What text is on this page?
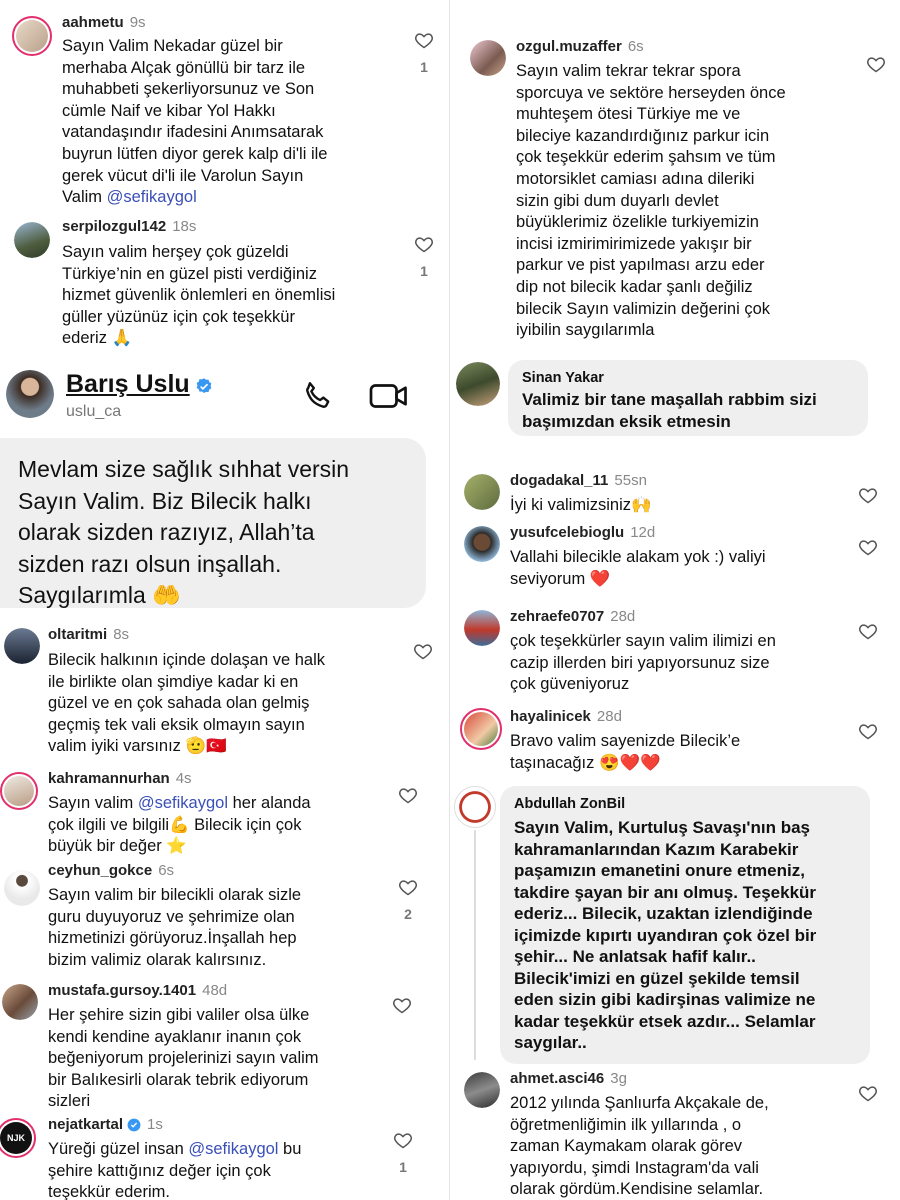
aahmetu 9s
Sayın Valim Nekadar güzel bir
merhaba Alçak gönüllü bir tarz ile
muhabbeti şekerliyorsunuz ve Son
cümle Naif ve kibar Yol Hakkı
vatandaşındır ifadesini Anımsatarak
buyrun lütfen diyor gerek kalp di'li ile
gerek vücut di'li ile Varolun Sayın
Valim @sefikaygol
1
serpilozgul142 18s
Sayın valim herşey çok güzeldi
Türkiye’nin en güzel pisti verdiğiniz
hizmet güvenlik önlemleri en önemlisi
güller yüzünüz için çok teşekkür
ederiz 🙏
1
Barış Uslu
uslu_ca
Mevlam size sağlık sıhhat versin
Sayın Valim. Biz Bilecik halkı
olarak sizden razıyız, Allah’ta
sizden razı olsun inşallah.
Saygılarımla 🤲
oltaritmi 8s
Bilecik halkının içinde dolaşan ve halk
ile birlikte olan şimdiye kadar ki en
güzel ve en çok sahada olan gelmiş
geçmiş tek vali eksik olmayın sayın
valim iyiki varsınız 🫡🇹🇷
kahramannurhan 4s
Sayın valim @sefikaygol her alanda
çok ilgili ve bilgili💪 Bilecik için çok
büyük bir değer ⭐
ceyhun_gokce 6s
Sayın valim bir bilecikli olarak sizle
guru duyuyoruz ve şehrimize olan
hizmetinizi görüyoruz.İnşallah hep
bizim valimiz olarak kalırsınız.
2
mustafa.gursoy.1401 48d
Her şehire sizin gibi valiler olsa ülke
kendi kendine ayaklanır inanın çok
beğeniyorum projelerinizi sayın valim
bir Balıkesirli olarak tebrik ediyorum
sizleri
NJK
nejatkartal 1s
Yüreği güzel insan @sefikaygol bu
şehire kattığınız değer için çok
teşekkür ederim.
1
ozgul.muzaffer 6s
Sayın valim tekrar tekrar spora
sporcuya ve sektöre herseyden önce
muhteşem ötesi Türkiye me ve
bileciye kazandırdığınız parkur icin
çok teşekkür ederim şahsım ve tüm
motorsiklet camiası adına dileriki
sizin gibi dum duyarlı devlet
büyüklerimiz özelikle turkiyemizin
incisi izmirimirimizede yakışır bir
parkur ve pist yapılması arzu eder
dip not bilecik kadar şanlı değiliz
bilecik Sayın valimizin değerini çok
iyibilin saygılarımla
Sinan Yakar
Valimiz bir tane maşallah rabbim sizi
başımızdan eksik etmesin
dogadakal_11 55sn
İyi ki valimizsiniz🙌
yusufcelebioglu 12d
Vallahi bilecikle alakam yok :) valiyi
seviyorum ❤️
zehraefe0707 28d
çok teşekkürler sayın valim ilimizi en
cazip illerden biri yapıyorsunuz size
çok güveniyoruz
hayalinicek 28d
Bravo valim sayenizde Bilecik’e
taşınacağız 😍❤️❤️
Abdullah ZonBil
Sayın Valim, Kurtuluş Savaşı'nın baş
kahramanlarından Kazım Karabekir
paşamızın emanetini onure etmeniz,
takdire şayan bir anı olmuş. Teşekkür
ederiz... Bilecik, uzaktan izlendiğinde
içimizde kıpırtı uyandıran çok özel bir
şehir... Ne anlatsak hafif kalır..
Bilecik'imizi en güzel şekilde temsil
eden sizin gibi kadirşinas valimize ne
kadar teşekkür etsek azdır... Selamlar
saygılar..
ahmet.asci46 3g
2012 yılında Şanlıurfa Akçakale de,
öğretmenliğimin ilk yıllarında , o
zaman Kaymakam olarak görev
yapıyordu, şimdi Instagram'da vali
olarak gördüm.Kendisine selamlar.
